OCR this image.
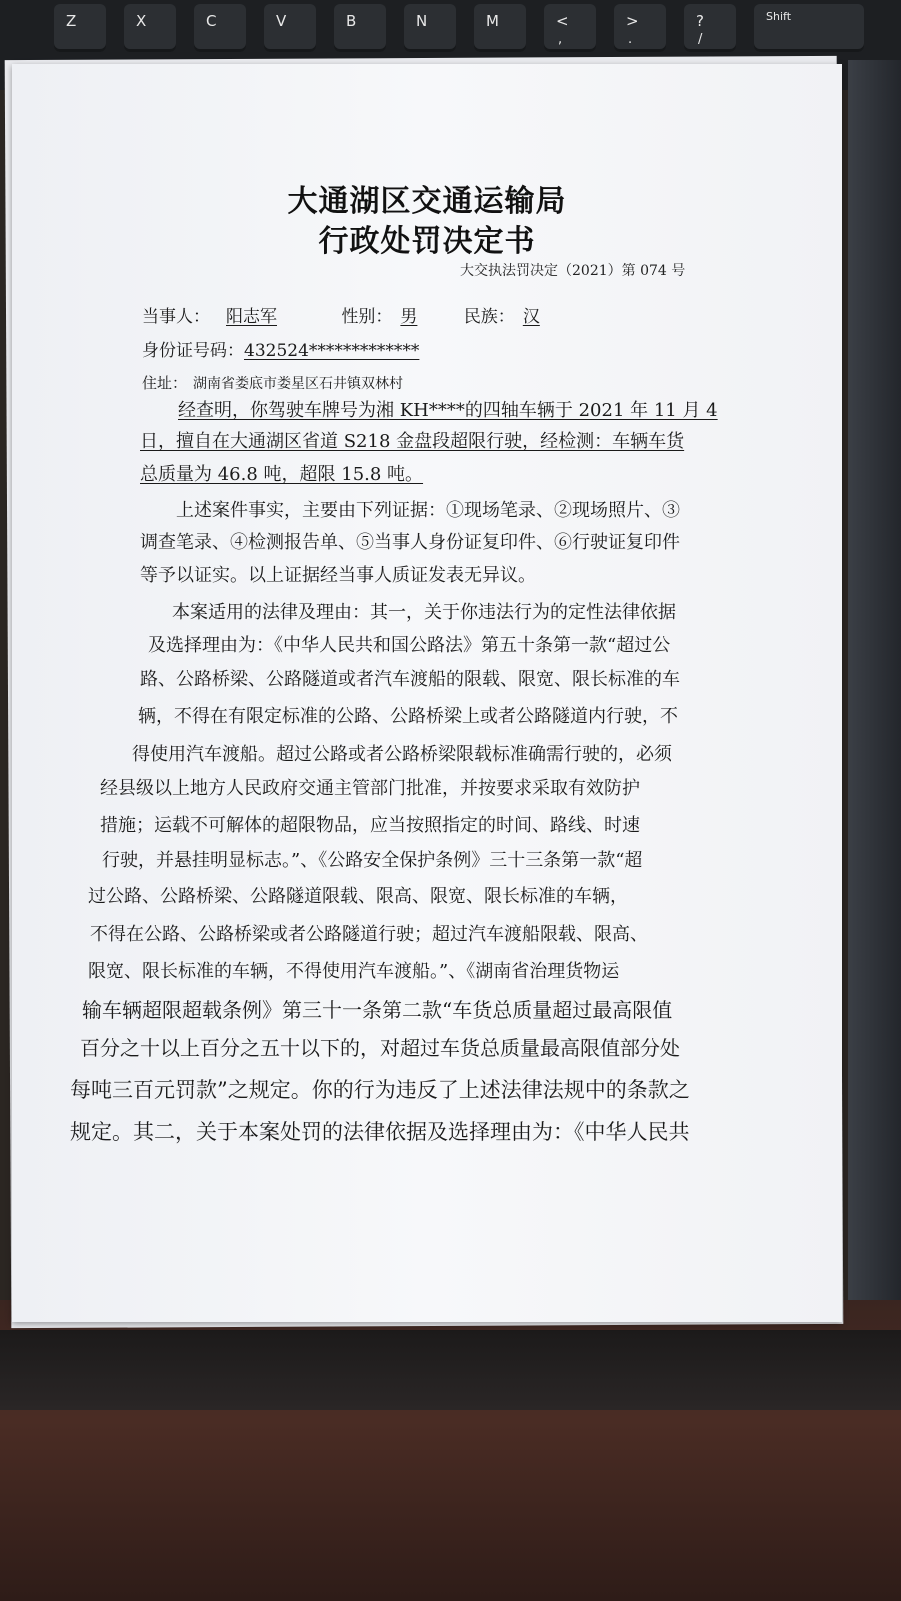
Z	X	C	V	B	N	M	<
,
>
.
?
/
Shift
大通湖区交通运输局
行政处罚决定书
大交执法罚决定（2021）第 074 号
当事人： 阳志军	性别： 男	民族： 汉
身份证号码：432524*************
住址： 湖南省娄底市娄星区石井镇双林村
经查明，你驾驶车牌号为湘 KH****的四轴车辆于 2021 年 11 月 4
日，擅自在大通湖区省道 S218 金盘段超限行驶，经检测：车辆车货
总质量为 46.8 吨，超限 15.8 吨。
上述案件事实，主要由下列证据：①现场笔录、②现场照片、③
调查笔录、④检测报告单、⑤当事人身份证复印件、⑥行驶证复印件
等予以证实。以上证据经当事人质证发表无异议。
本案适用的法律及理由：其一，关于你违法行为的定性法律依据
及选择理由为：《中华人民共和国公路法》第五十条第一款“超过公
路、公路桥梁、公路隧道或者汽车渡船的限载、限宽、限长标准的车
辆，不得在有限定标准的公路、公路桥梁上或者公路隧道内行驶，不
得使用汽车渡船。超过公路或者公路桥梁限载标准确需行驶的，必须
经县级以上地方人民政府交通主管部门批准，并按要求采取有效防护
措施；运载不可解体的超限物品，应当按照指定的时间、路线、时速
行驶，并悬挂明显标志。”、《公路安全保护条例》三十三条第一款“超
过公路、公路桥梁、公路隧道限载、限高、限宽、限长标准的车辆，
不得在公路、公路桥梁或者公路隧道行驶；超过汽车渡船限载、限高、
限宽、限长标准的车辆，不得使用汽车渡船。”、《湖南省治理货物运
输车辆超限超载条例》第三十一条第二款“车货总质量超过最高限值
百分之十以上百分之五十以下的，对超过车货总质量最高限值部分处
每吨三百元罚款”之规定。你的行为违反了上述法律法规中的条款之
规定。其二，关于本案处罚的法律依据及选择理由为：《中华人民共
